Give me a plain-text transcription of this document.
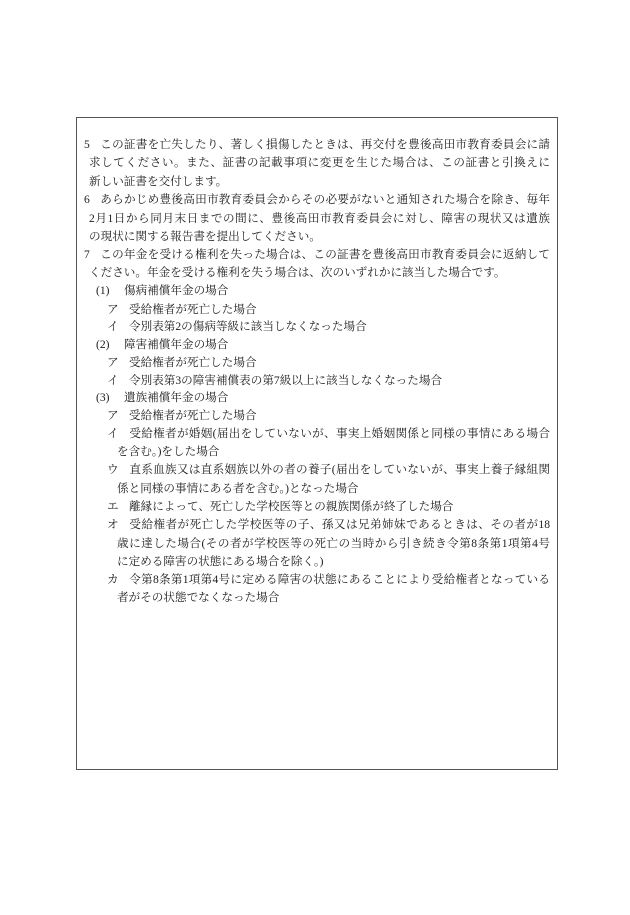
5 この証書を亡失したり、著しく損傷したときは、再交付を豊後高田市教育委員会に請
求してください。また、証書の記載事項に変更を生じた場合は、この証書と引換えに
新しい証書を交付します。
6 あらかじめ豊後高田市教育委員会からその必要がないと通知された場合を除き、毎年
2月1日から同月末日までの間に、豊後高田市教育委員会に対し、障害の現状又は遺族
の現状に関する報告書を提出してください。
7 この年金を受ける権利を失った場合は、この証書を豊後高田市教育委員会に返納して
ください。年金を受ける権利を失う場合は、次のいずれかに該当した場合です。
(1) 傷病補償年金の場合
ア 受給権者が死亡した場合
イ 令別表第2の傷病等級に該当しなくなった場合
(2) 障害補償年金の場合
ア 受給権者が死亡した場合
イ 令別表第3の障害補償表の第7級以上に該当しなくなった場合
(3) 遺族補償年金の場合
ア 受給権者が死亡した場合
イ 受給権者が婚姻(届出をしていないが、事実上婚姻関係と同様の事情にある場合
を含む。)をした場合
ウ 直系血族又は直系姻族以外の者の養子(届出をしていないが、事実上養子縁組関
係と同様の事情にある者を含む。)となった場合
エ 離縁によって、死亡した学校医等との親族関係が終了した場合
オ 受給権者が死亡した学校医等の子、孫又は兄弟姉妹であるときは、その者が18
歳に達した場合(その者が学校医等の死亡の当時から引き続き令第8条第1項第4号
に定める障害の状態にある場合を除く。)
カ 令第8条第1項第4号に定める障害の状態にあることにより受給権者となっている
者がその状態でなくなった場合
